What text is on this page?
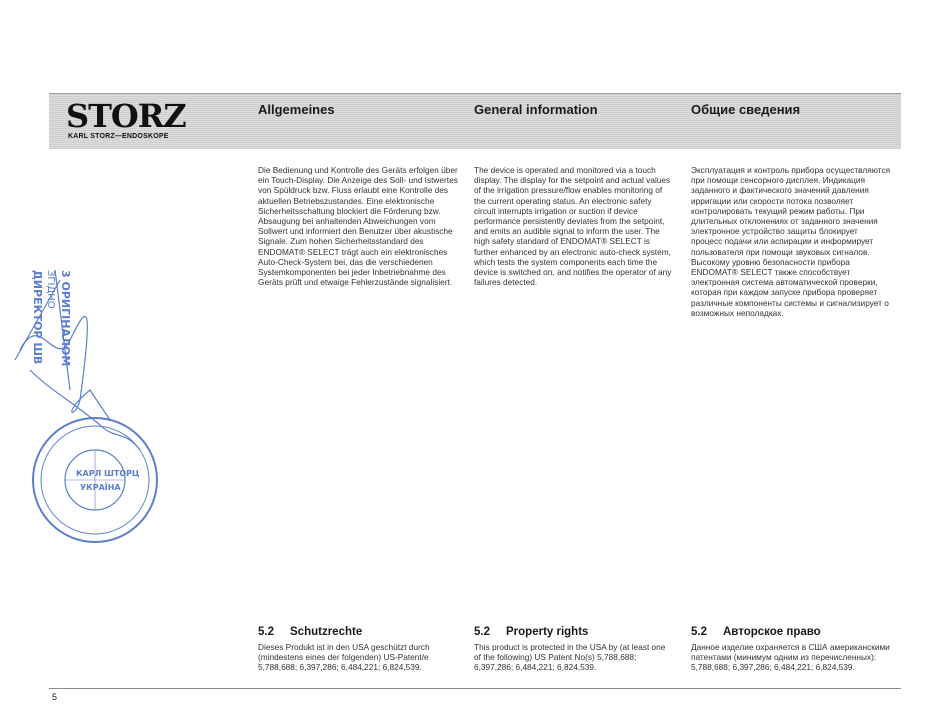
STORZ
KARL STORZ—ENDOSKOPE
Allgemeines	General information	Общие сведения
Die Bedienung und Kontrolle des Geräts erfolgen über ein Touch-Display. Die Anzeige des Soll- und Istwertes von Spüldruck bzw. Fluss erlaubt eine Kontrolle des aktuellen Betriebszustandes. Eine elektronische Sicherheitsschaltung blockiert die Förderung bzw. Absaugung bei anhaltenden Abweichungen vom Sollwert und informiert den Benutzer über akustische Signale. Zum hohen Sicherheitsstandard des ENDOMAT® SELECT trägt auch ein elektronisches Auto-Check-System bei, das die verschiedenen Systemkomponenten bei jeder Inbetriebnahme des Geräts prüft und etwaige Fehlerzustände signalisiert.
The device is operated and monitored via a touch display. The display for the setpoint and actual values of the irrigation pressure/flow enables monitoring of the current operating status. An electronic safety circuit interrupts irrigation or suction if device performance persistently deviates from the setpoint, and emits an audible signal to inform the user. The high safety standard of ENDOMAT® SELECT is further enhanced by an electronic auto-check system, which tests the system components each time the device is switched on, and notifies the operator of any failures detected.
Эксплуатация и контроль прибора осуществляются при помощи сенсорного дисплея. Индикация заданного и фактического значений давления ирригации или скорости потока позволяет контролировать текущий режим работы. При длительных отклонениях от заданного значения электронное устройство защиты блокирует процесс подачи или аспирации и информирует пользователя при помощи звуковых сигналов. Высокому уровню безопасности прибора ENDOMAT® SELECT также способствует электронная система автоматической проверки, которая при каждом запуске прибора проверяет различные компоненты системы и сигнализирует о возможных неполадках.
5.2 Schutzrechte	5.2 Property rights	5.2 Авторское право
Dieses Produkt ist in den USA geschützt durch (mindestens eines der folgenden) US-Patent/e 5,788,688; 6,397,286; 6,484,221; 6,824,539.
This product is protected in the USA by (at least one of the following) US Patent No(s) 5,788,688; 6,397,286; 6,484,221; 6,824,539.
Данное изделие охраняется в США американскими патентами (минимум одним из перечисленных): 5,788,688; 6,397,286; 6,484,221; 6,824,539.
5
3 ОРИГІНАЛОМ
ЗГІДНО
ДИРЕКТОР ШВ
КАРЛ ШТОРЦ
УКРАЇНА
